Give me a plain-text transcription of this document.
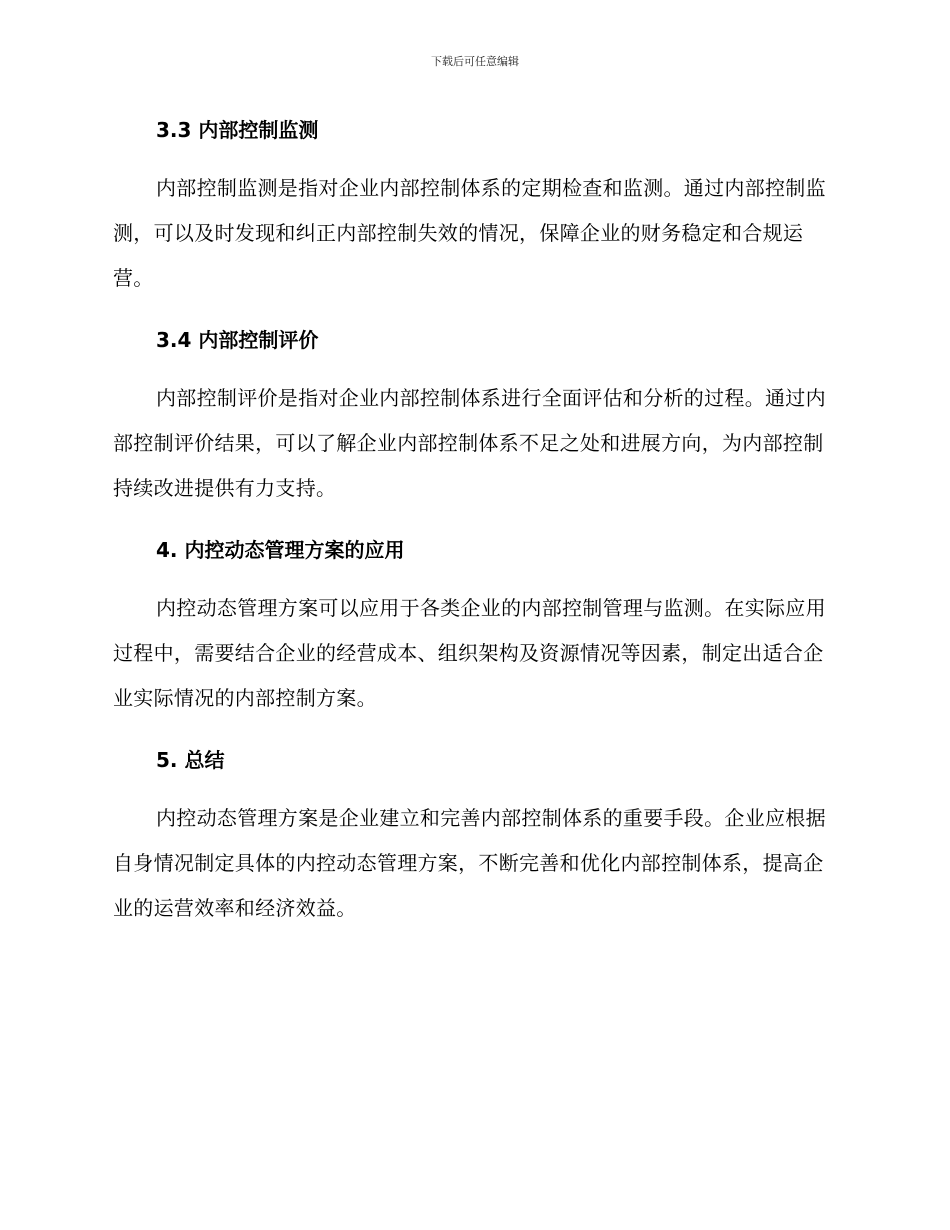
下载后可任意编辑
3.3 内部控制监测

内部控制监测是指对企业内部控制体系的定期检查和监测。通过内部控制监测，可以及时发现和纠正内部控制失效的情况，保障企业的财务稳定和合规运营。

3.4 内部控制评价

内部控制评价是指对企业内部控制体系进行全面评估和分析的过程。通过内部控制评价结果，可以了解企业内部控制体系不足之处和进展方向，为内部控制持续改进提供有力支持。

4. 内控动态管理方案的应用

内控动态管理方案可以应用于各类企业的内部控制管理与监测。在实际应用过程中，需要结合企业的经营成本、组织架构及资源情况等因素，制定出适合企业实际情况的内部控制方案。

5. 总结

内控动态管理方案是企业建立和完善内部控制体系的重要手段。企业应根据自身情况制定具体的内控动态管理方案，不断完善和优化内部控制体系，提高企业的运营效率和经济效益。
